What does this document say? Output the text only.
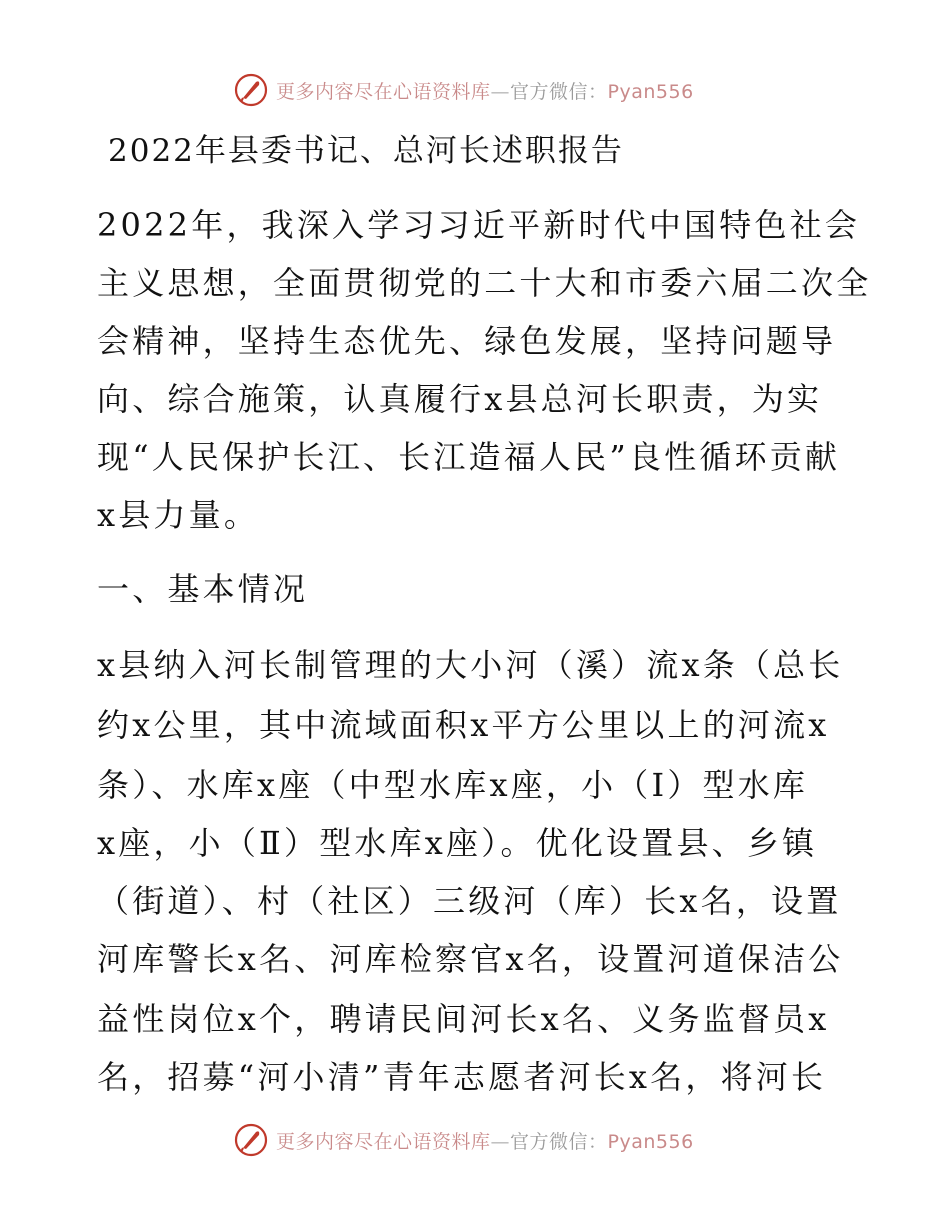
更多内容尽在心语资料库—官方微信：Pyan556
2022年县委书记、总河长述职报告
2022年，我深入学习习近平新时代中国特色社会
主义思想，全面贯彻党的二十大和市委六届二次全
会精神，坚持生态优先、绿色发展，坚持问题导
向、综合施策，认真履行x县总河长职责，为实
现“人民保护长江、长江造福人民”良性循环贡献
x县力量。
一、基本情况
x县纳入河长制管理的大小河（溪）流x条（总长
约x公里，其中流域面积x平方公里以上的河流x
条）、水库x座（中型水库x座，小（Ⅰ）型水库
x座，小（Ⅱ）型水库x座）。优化设置县、乡镇
（街道）、村（社区）三级河（库）长x名，设置
河库警长x名、河库检察官x名，设置河道保洁公
益性岗位x个，聘请民间河长x名、义务监督员x
名，招募“河小清”青年志愿者河长x名，将河长
更多内容尽在心语资料库—官方微信：Pyan556
